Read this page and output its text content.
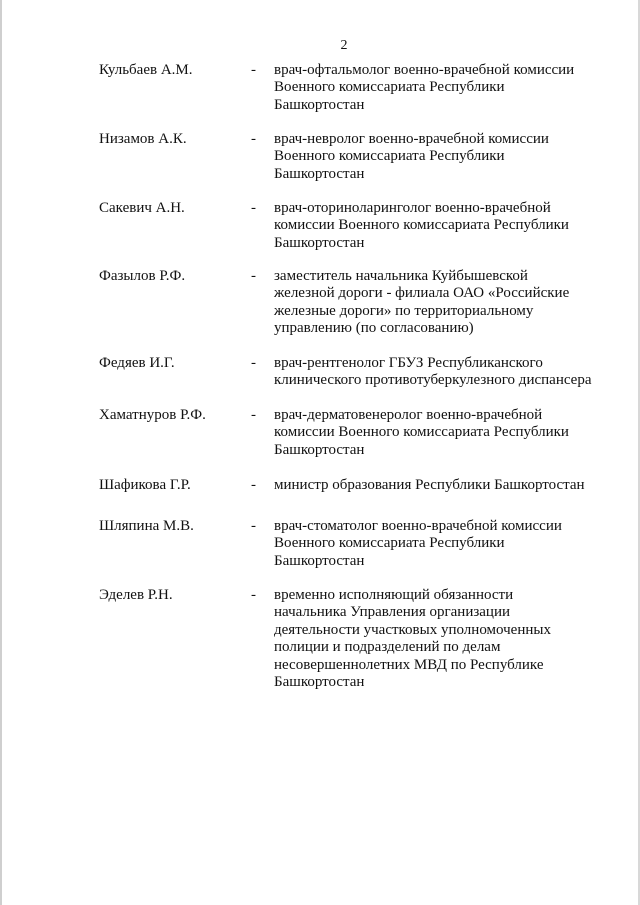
2
Кульбаев А.М.	- врач-офтальмолог военно-врачебной комиссии
Военного комиссариата Республики
Башкортостан
Низамов А.К.	- врач-невролог военно-врачебной комиссии
Военного комиссариата Республики
Башкортостан
Сакевич А.Н.	- врач-оториноларинголог военно-врачебной
комиссии Военного комиссариата Республики
Башкортостан
Фазылов Р.Ф.	- заместитель начальника Куйбышевской
железной дороги - филиала ОАО «Российские
железные дороги» по территориальному
управлению (по согласованию)
Федяев И.Г.	- врач-рентгенолог ГБУЗ Республиканского
клинического противотуберкулезного диспансера
Хаматнуров Р.Ф.	- врач-дерматовенеролог военно-врачебной
комиссии Военного комиссариата Республики
Башкортостан
Шафикова Г.Р.	- министр образования Республики Башкортостан
Шляпина М.В.	- врач-стоматолог военно-врачебной комиссии
Военного комиссариата Республики
Башкортостан
Эделев Р.Н.	- временно исполняющий обязанности
начальника Управления организации
деятельности участковых уполномоченных
полиции и подразделений по делам
несовершеннолетних МВД по Республике
Башкортостан
